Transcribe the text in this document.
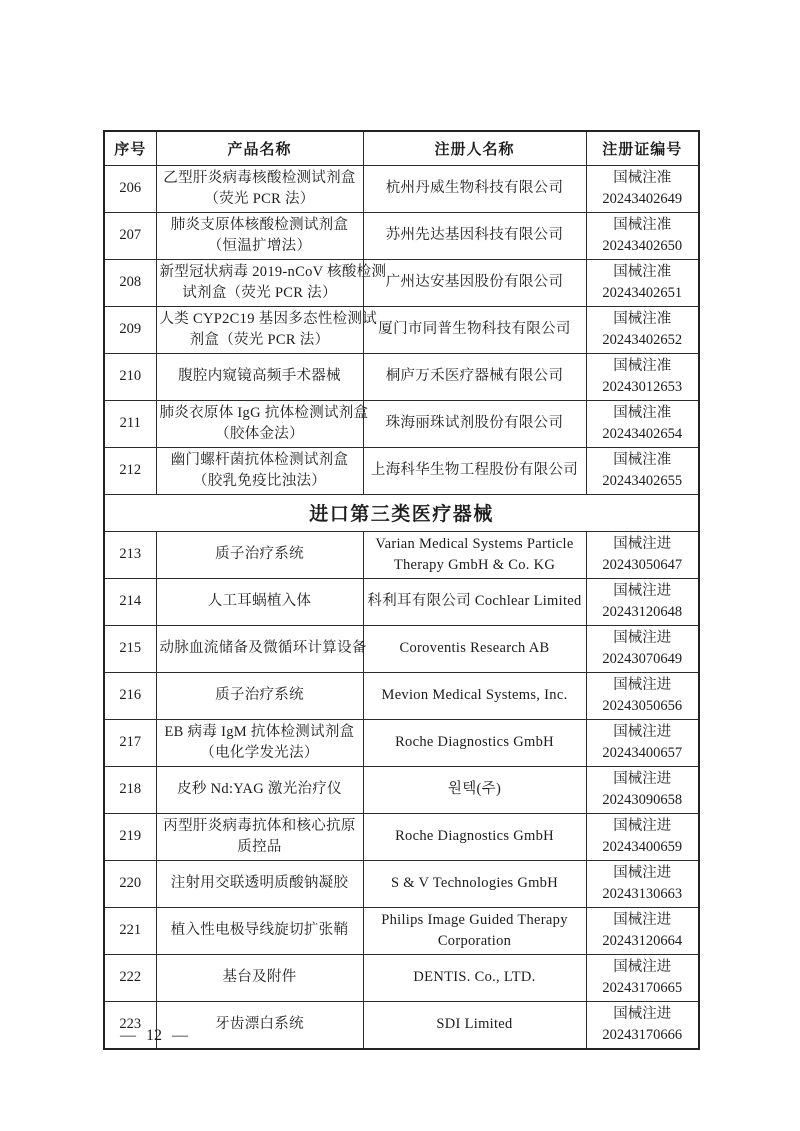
序号	产品名称	注册人名称	注册证编号

206	乙型肝炎病毒核酸检测试剂盒
（荧光 PCR 法）	杭州丹威生物科技有限公司	国械注准
20243402649

207	肺炎支原体核酸检测试剂盒
（恒温扩增法）	苏州先达基因科技有限公司	国械注准
20243402650

208	新型冠状病毒 2019-nCoV 核酸检测
试剂盒（荧光 PCR 法）	广州达安基因股份有限公司	国械注准
20243402651

209	人类 CYP2C19 基因多态性检测试
剂盒（荧光 PCR 法）	厦门市同普生物科技有限公司	国械注准
20243402652

210	腹腔内窥镜高频手术器械	桐庐万禾医疗器械有限公司	国械注准
20243012653

211	肺炎衣原体 IgG 抗体检测试剂盒
（胶体金法）	珠海丽珠试剂股份有限公司	国械注准
20243402654

212	幽门螺杆菌抗体检测试剂盒
（胶乳免疫比浊法）	上海科华生物工程股份有限公司	国械注准
20243402655

进口第三类医疗器械			

213	质子治疗系统	Varian Medical Systems Particle
Therapy GmbH & Co. KG	国械注进
20243050647

214	人工耳蜗植入体	科利耳有限公司 Cochlear Limited	国械注进
20243120648

215	动脉血流储备及微循环计算设备	Coroventis Research AB	国械注进
20243070649

216	质子治疗系统	Mevion Medical Systems, Inc.	国械注进
20243050656

217	EB 病毒 IgM 抗体检测试剂盒
（电化学发光法）	Roche Diagnostics GmbH	国械注进
20243400657

218	皮秒 Nd:YAG 激光治疗仪	원텍(주)	国械注进
20243090658

219	丙型肝炎病毒抗体和核心抗原
质控品	Roche Diagnostics GmbH	国械注进
20243400659

220	注射用交联透明质酸钠凝胶	S & V Technologies GmbH	国械注进
20243130663

221	植入性电极导线旋切扩张鞘	Philips Image Guided Therapy
Corporation	国械注进
20243120664

222	基台及附件	DENTIS. Co., LTD.	国械注进
20243170665

223	牙齿漂白系统	SDI Limited	国械注进
20243170666
— 12 —
